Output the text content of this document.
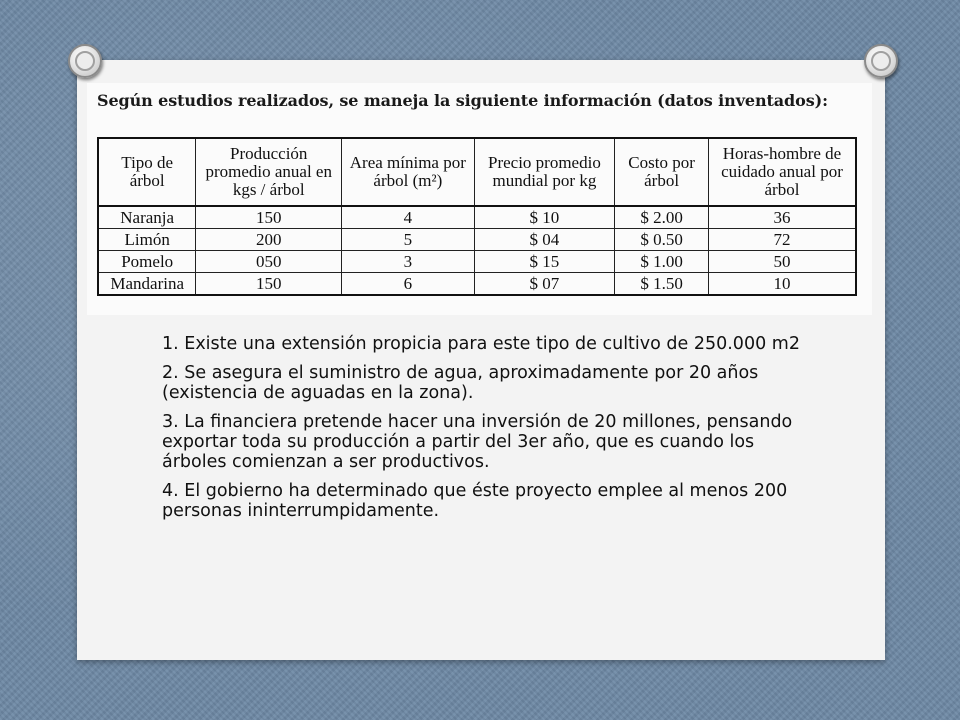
Según estudios realizados, se maneja la siguiente información (datos inventados):

Tipo de árbol	Producción promedio anual en kgs / árbol	Area mínima por árbol (m²)	Precio promedio mundial por kg	Costo por árbol	Horas-hombre de cuidado anual por árbol
Naranja	150	4	$ 10	$ 2.00	36
Limón	200	5	$ 04	$ 0.50	72
Pomelo	050	3	$ 15	$ 1.00	50
Mandarina	150	6	$ 07	$ 1.50	10

1. Existe una extensión propicia para este tipo de cultivo de 250.000 m2

2. Se asegura el suministro de agua, aproximadamente por 20 años (existencia de aguadas en la zona).

3. La financiera pretende hacer una inversión de 20 millones, pensando exportar toda su producción a partir del 3er año, que es cuando los árboles comienzan a ser productivos.

4. El gobierno ha determinado que éste proyecto emplee al menos 200 personas ininterrumpidamente.
